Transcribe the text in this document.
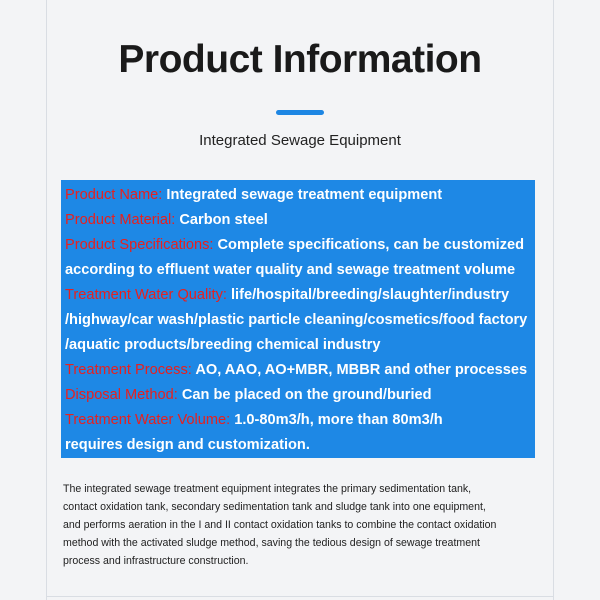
Product Information
Integrated Sewage Equipment
Product Name: Integrated sewage treatment equipment
Product Material: Carbon steel
Product Specifications: Complete specifications, can be customized
according to effluent water quality and sewage treatment volume
Treatment Water Quality: life/hospital/breeding/slaughter/industry
/highway/car wash/plastic particle cleaning/cosmetics/food factory
/aquatic products/breeding chemical industry
Treatment Process: AO, AAO, AO+MBR, MBBR and other processes
Disposal Method: Can be placed on the ground/buried
Treatment Water Volume: 1.0-80m3/h, more than 80m3/h
requires design and customization.
The integrated sewage treatment equipment integrates the primary sedimentation tank,
contact oxidation tank, secondary sedimentation tank and sludge tank into one equipment,
and performs aeration in the I and II contact oxidation tanks to combine the contact oxidation
method with the activated sludge method, saving the tedious design of sewage treatment
process and infrastructure construction.
